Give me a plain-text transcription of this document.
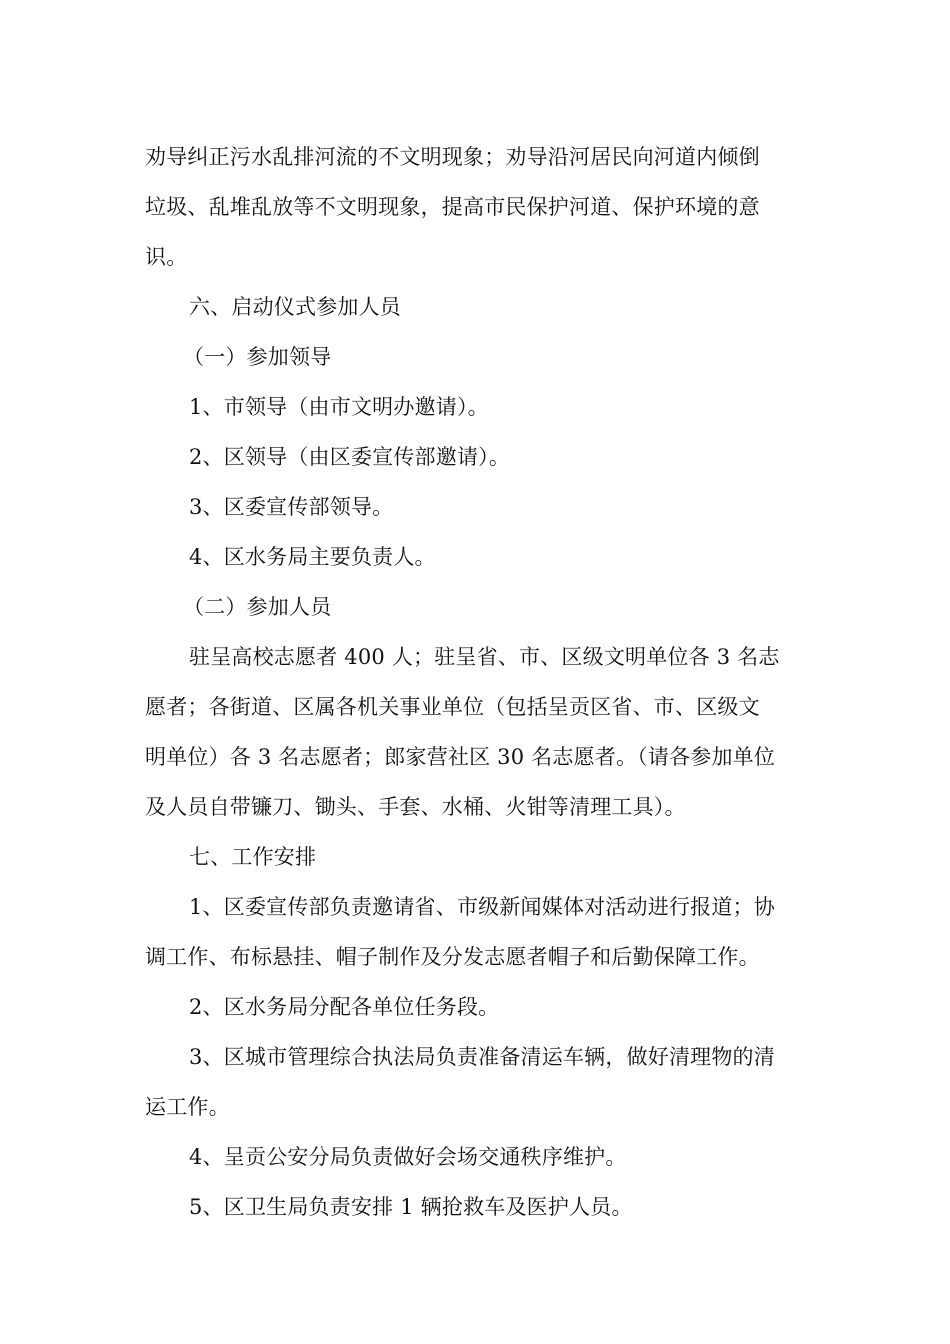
劝导纠正污水乱排河流的不文明现象；劝导沿河居民向河道内倾倒
垃圾、乱堆乱放等不文明现象，提高市民保护河道、保护环境的意
识。
六、启动仪式参加人员
（一）参加领导
1、市领导（由市文明办邀请）。
2、区领导（由区委宣传部邀请）。
3、区委宣传部领导。
4、区水务局主要负责人。
（二）参加人员
驻呈高校志愿者 400 人；驻呈省、市、区级文明单位各 3 名志
愿者；各街道、区属各机关事业单位（包括呈贡区省、市、区级文
明单位）各 3 名志愿者；郎家营社区 30 名志愿者。（请各参加单位
及人员自带镰刀、锄头、手套、水桶、火钳等清理工具）。
七、工作安排
1、区委宣传部负责邀请省、市级新闻媒体对活动进行报道；协
调工作、布标悬挂、帽子制作及分发志愿者帽子和后勤保障工作。
2、区水务局分配各单位任务段。
3、区城市管理综合执法局负责准备清运车辆，做好清理物的清
运工作。
4、呈贡公安分局负责做好会场交通秩序维护。
5、区卫生局负责安排 1 辆抢救车及医护人员。
